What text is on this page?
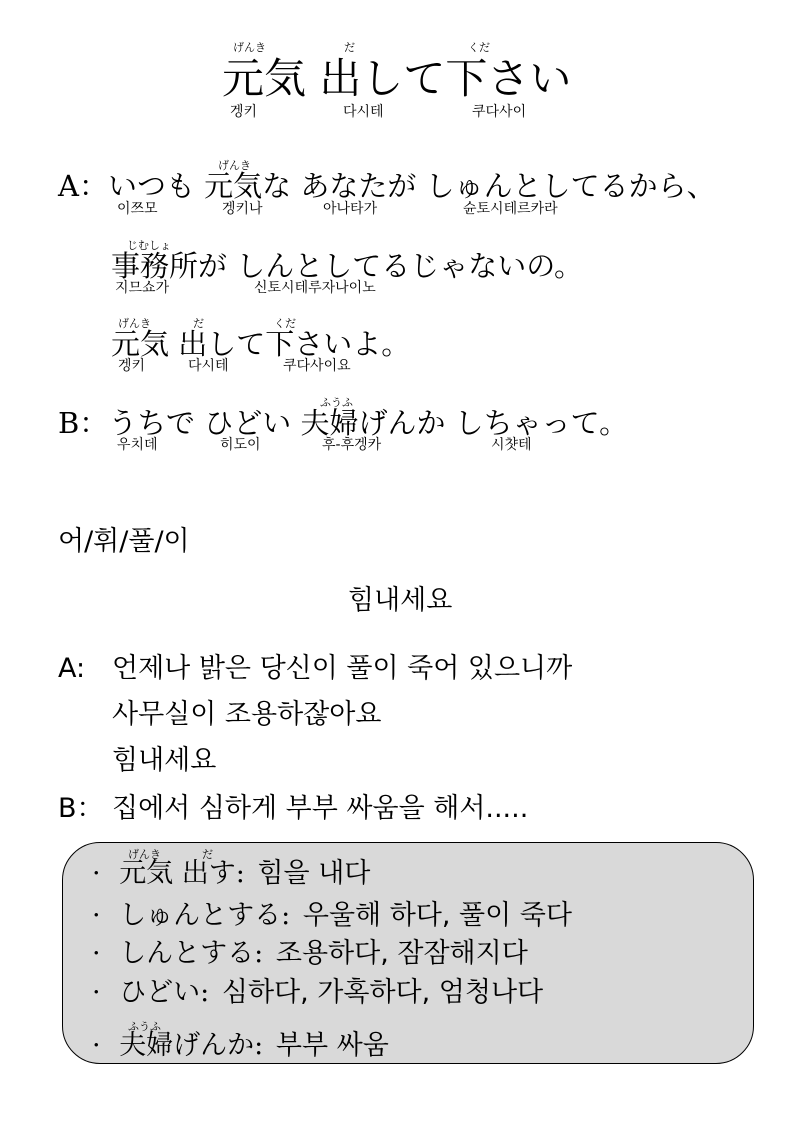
げんき	だ	くだ
元気 出して下さい
겡키	다시테	쿠다사이
げんき
A：いつも 元気な あなたが しゅんとしてるから、
이쯔모	겡키나	아나타가	슌토시테르카라
じむしょ
事務所が しんとしてるじゃないの。
지므쇼가	신토시테루자나이노
げんき	だ	くだ
元気 出して下さいよ。
겡키	다시테	쿠다사이요
ふうふ
B：うちで ひどい 夫婦げんか しちゃって。
우치데	히도이	후-후겡카	시챳테
어/휘/풀/이
힘내세요
A: 언제나 밝은 당신이 풀이 죽어 있으니까
사무실이 조용하잖아요
힘내세요
B： 집에서 심하게 부부 싸움을 해서.....
げんき	だ
· 元気 出す: 힘을 내다
· しゅんとする: 우울해 하다, 풀이 죽다
· しんとする: 조용하다, 잠잠해지다
· ひどい: 심하다, 가혹하다, 엄청나다
ふうふ
· 夫婦げんか: 부부 싸움
